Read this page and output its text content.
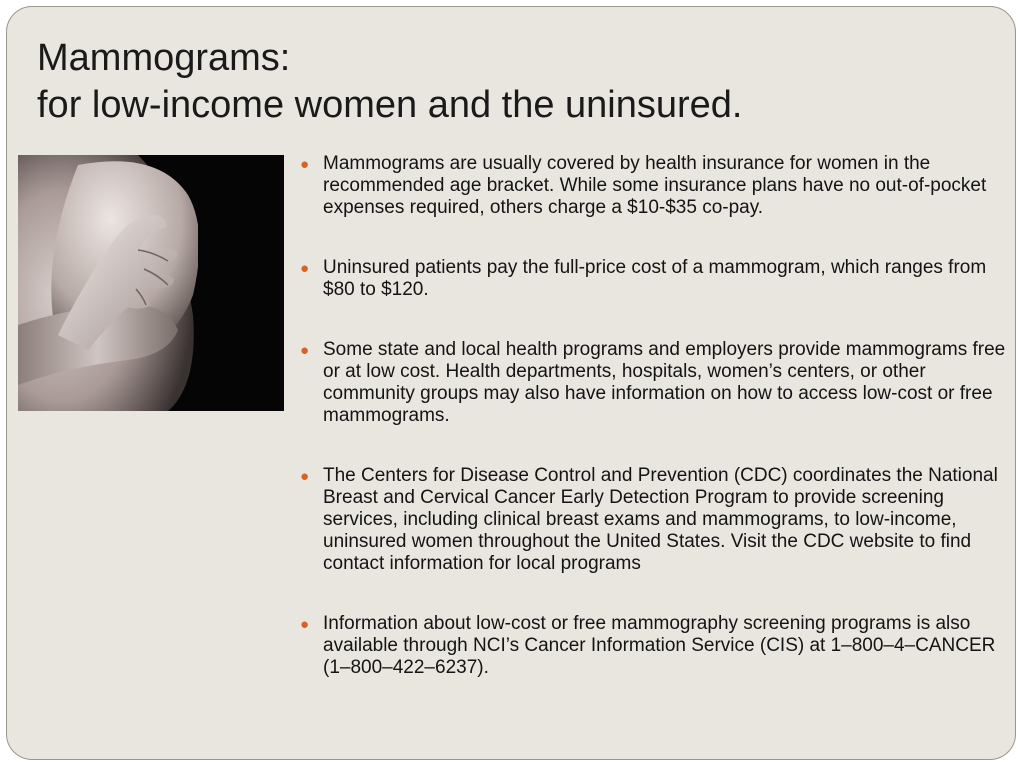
Mammograms:
for low-income women and the uninsured.
● Mammograms are usually covered by health insurance for women in the recommended age bracket. While some insurance plans have no out-of-pocket expenses required, others charge a $10-$35 co-pay.
● Uninsured patients pay the full-price cost of a mammogram, which ranges from $80 to $120.
● Some state and local health programs and employers provide mammograms free or at low cost. Health departments, hospitals, women’s centers, or other community groups may also have information on how to access low-cost or free mammograms.
● The Centers for Disease Control and Prevention (CDC) coordinates the National Breast and Cervical Cancer Early Detection Program to provide screening services, including clinical breast exams and mammograms, to low-income, uninsured women throughout the United States. Visit the CDC website to find contact information for local programs
● Information about low-cost or free mammography screening programs is also available through NCI’s Cancer Information Service (CIS) at 1–800–4–CANCER (1–800–422–6237).
